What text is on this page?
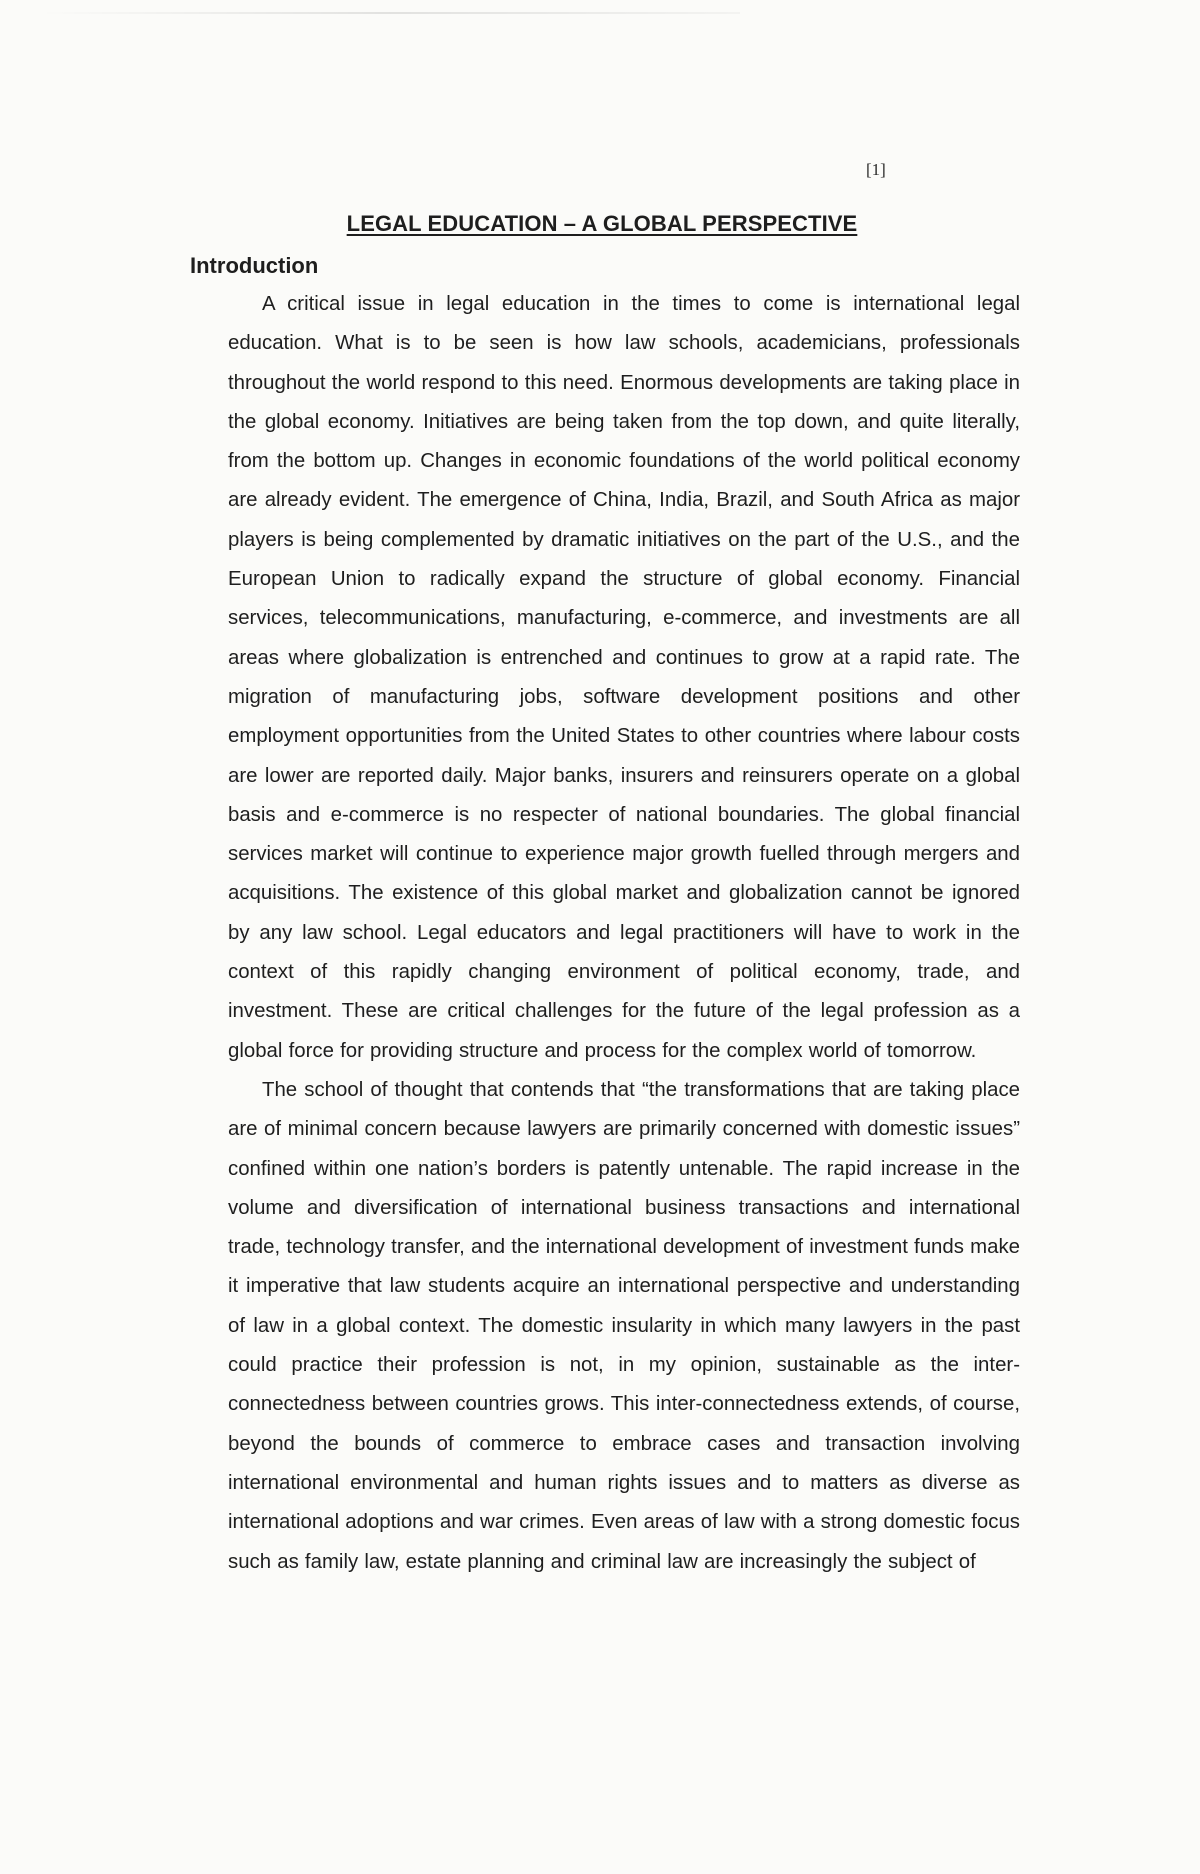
[1]
LEGAL EDUCATION – A GLOBAL PERSPECTIVE
Introduction

A critical issue in legal education in the times to come is international legal education. What is to be seen is how law schools, academicians, professionals throughout the world respond to this need. Enormous developments are taking place in the global economy. Initiatives are being taken from the top down, and quite literally, from the bottom up. Changes in economic foundations of the world political economy are already evident. The emergence of China, India, Brazil, and South Africa as major players is being complemented by dramatic initiatives on the part of the U.S., and the European Union to radically expand the structure of global economy. Financial services, telecommunications, manufacturing, e-commerce, and investments are all areas where globalization is entrenched and continues to grow at a rapid rate. The migration of manufacturing jobs, software development positions and other employment opportunities from the United States to other countries where labour costs are lower are reported daily. Major banks, insurers and reinsurers operate on a global basis and e-commerce is no respecter of national boundaries. The global financial services market will continue to experience major growth fuelled through mergers and acquisitions. The existence of this global market and globalization cannot be ignored by any law school. Legal educators and legal practitioners will have to work in the context of this rapidly changing environment of political economy, trade, and investment. These are critical challenges for the future of the legal profession as a global force for providing structure and process for the complex world of tomorrow.

The school of thought that contends that “the transformations that are taking place are of minimal concern because lawyers are primarily concerned with domestic issues” confined within one nation’s borders is patently untenable. The rapid increase in the volume and diversification of international business transactions and international trade, technology transfer, and the international development of investment funds make it imperative that law students acquire an international perspective and understanding of law in a global context. The domestic insularity in which many lawyers in the past could practice their profession is not, in my opinion, sustainable as the inter-connectedness between countries grows. This inter-connectedness extends, of course, beyond the bounds of commerce to embrace cases and transaction involving international environmental and human rights issues and to matters as diverse as international adoptions and war crimes. Even areas of law with a strong domestic focus such as family law, estate planning and criminal law are increasingly the subject of
